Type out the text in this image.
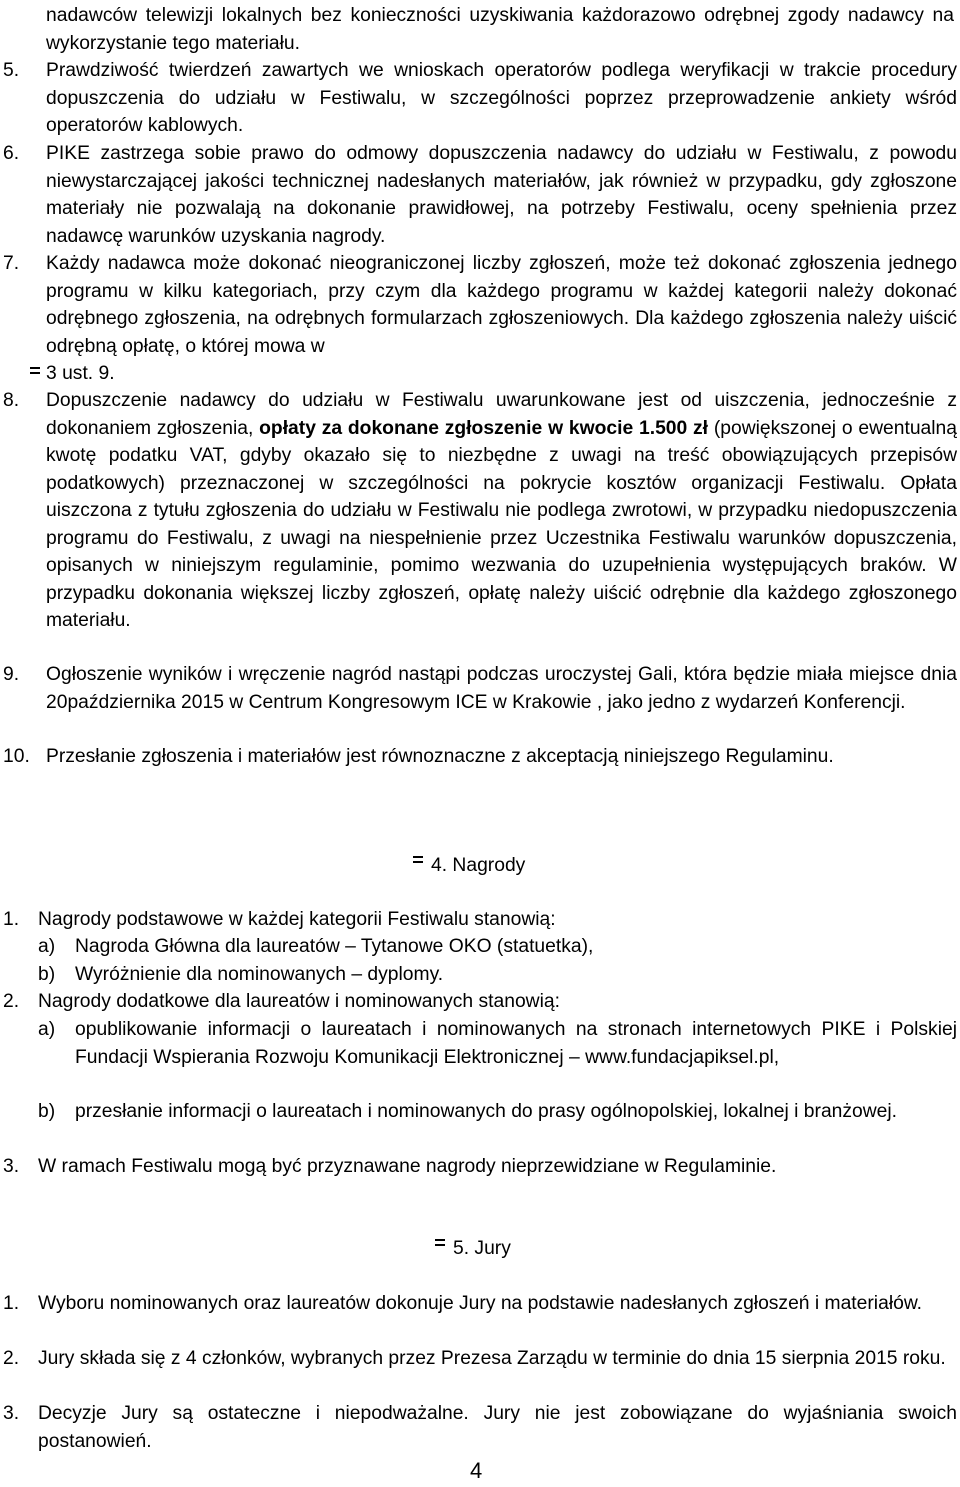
nadawców telewizji lokalnych bez konieczności uzyskiwania każdorazowo odrębnej zgody nadawcy na wykorzystanie tego materiału.
5.	Prawdziwość twierdzeń zawartych we wnioskach operatorów podlega weryfikacji w trakcie procedury dopuszczenia do udziału w Festiwalu, w szczególności poprzez przeprowadzenie ankiety wśród operatorów kablowych.
6.	PIKE zastrzega sobie prawo do odmowy dopuszczenia nadawcy do udziału w Festiwalu, z powodu niewystarczającej jakości technicznej nadesłanych materiałów, jak również w przypadku, gdy zgłoszone materiały nie pozwalają na dokonanie prawidłowej, na potrzeby Festiwalu, oceny spełnienia przez nadawcę warunków uzyskania nagrody.
7.	Każdy nadawca może dokonać nieograniczonej liczby zgłoszeń, może też dokonać zgłoszenia jednego programu w kilku kategoriach, przy czym dla każdego programu w każdej kategorii należy dokonać odrębnego zgłoszenia, na odrębnych formularzach zgłoszeniowych. Dla każdego zgłoszenia należy uiścić odrębną opłatę, o której mowa w

3 ust. 9.
8.	Dopuszczenie nadawcy do udziału w Festiwalu uwarunkowane jest od uiszczenia, jednocześnie z dokonaniem zgłoszenia, opłaty za dokonane zgłoszenie w kwocie 1.500 zł (powiększonej o ewentualną kwotę podatku VAT, gdyby okazało się to niezbędne z uwagi na treść obowiązujących przepisów podatkowych) przeznaczonej w szczególności na pokrycie kosztów organizacji Festiwalu. Opłata uiszczona z tytułu zgłoszenia do udziału w Festiwalu nie podlega zwrotowi, w przypadku niedopuszczenia programu do Festiwalu, z uwagi na niespełnienie przez Uczestnika Festiwalu warunków dopuszczenia, opisanych w niniejszym regulaminie, pomimo wezwania do uzupełnienia występujących braków. W przypadku dokonania większej liczby zgłoszeń, opłatę należy uiścić odrębnie dla każdego zgłoszonego materiału.
9.	Ogłoszenie wyników i wręczenie nagród nastąpi podczas uroczystej Gali, która będzie miała miejsce dnia 20października 2015 w Centrum Kongresowym ICE w Krakowie , jako jedno z wydarzeń Konferencji.
10. Przesłanie zgłoszenia i materiałów jest równoznaczne z akceptacją niniejszego Regulaminu.
4. Nagrody
1. Nagrody podstawowe w każdej kategorii Festiwalu stanowią:
a)	Nagroda Główna dla laureatów – Tytanowe OKO (statuetka),
b)	Wyróżnienie dla nominowanych – dyplomy.
2. Nagrody dodatkowe dla laureatów i nominowanych stanowią:
a)	opublikowanie informacji o laureatach i nominowanych na stronach internetowych PIKE i Polskiej Fundacji Wspierania Rozwoju Komunikacji Elektronicznej – www.fundacjapiksel.pl,
b)	przesłanie informacji o laureatach i nominowanych do prasy ogólnopolskiej, lokalnej i branżowej.
3. W ramach Festiwalu mogą być przyznawane nagrody nieprzewidziane w Regulaminie.
5. Jury
1. Wyboru nominowanych oraz laureatów dokonuje Jury na podstawie nadesłanych zgłoszeń i materiałów.
2. Jury składa się z 4 członków, wybranych przez Prezesa Zarządu w terminie do dnia 15 sierpnia 2015 roku.
3. Decyzje Jury są ostateczne i niepodważalne. Jury nie jest zobowiązane do wyjaśniania swoich postanowień.
4
